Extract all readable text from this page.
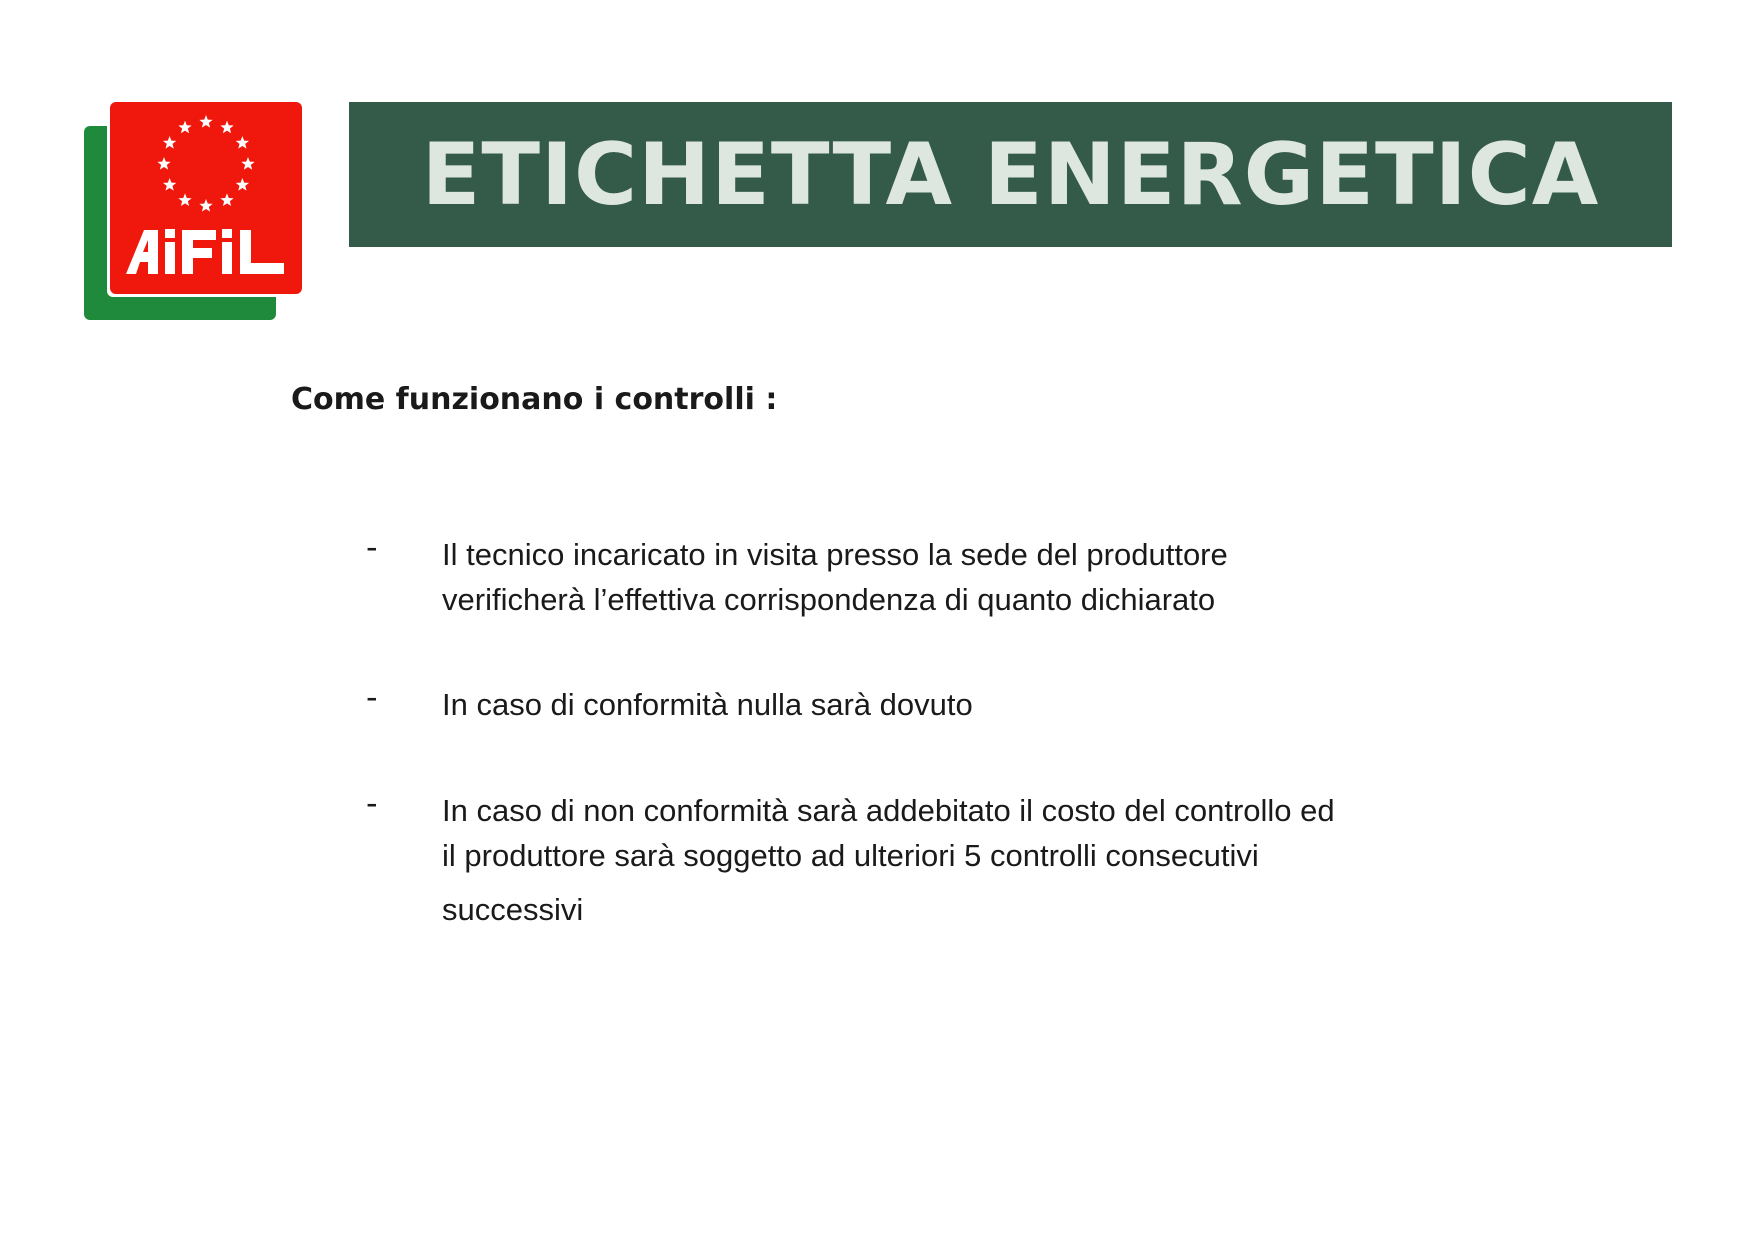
ETICHETTA ENERGETICA
Come funzionano i controlli :
- Il tecnico incaricato in visita presso la sede del produttore
verificherà l’effettiva corrispondenza di quanto dichiarato
- In caso di conformità nulla sarà dovuto
- In caso di non conformità sarà addebitato il costo del controllo ed
il produttore sarà soggetto ad ulteriori 5 controlli consecutivi
successivi
